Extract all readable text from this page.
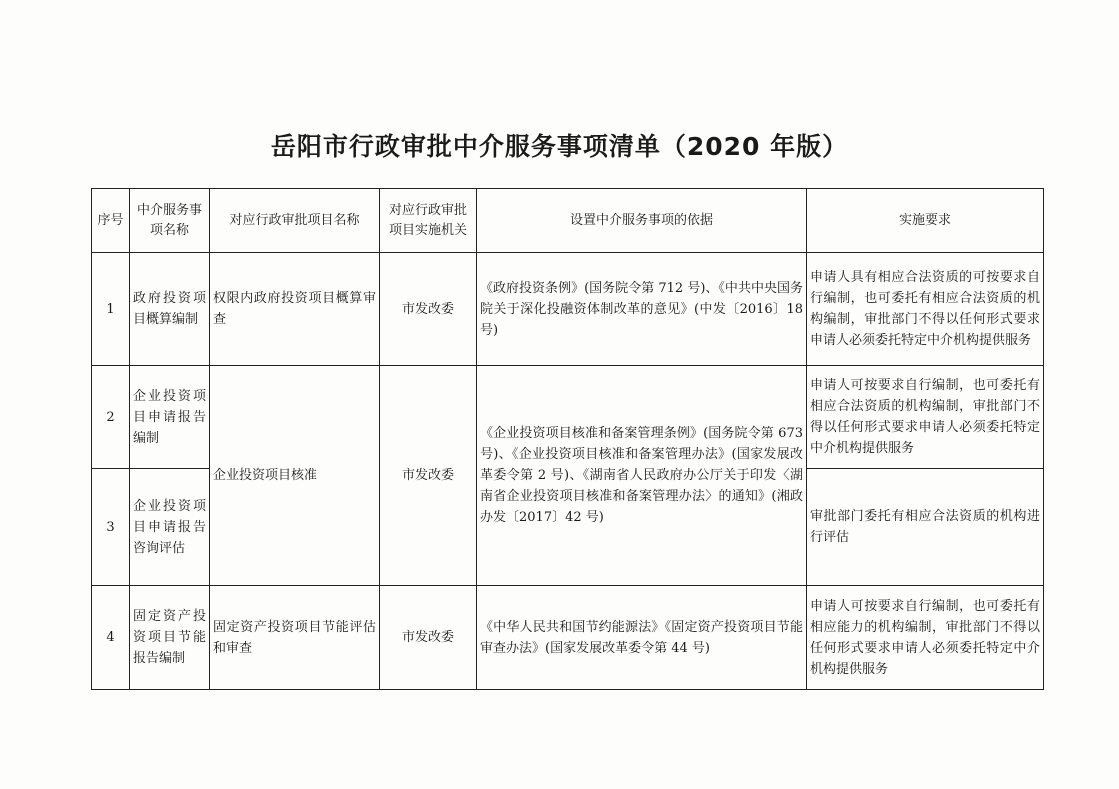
岳阳市行政审批中介服务事项清单（2020 年版）
序号	中介服务事项名称	对应行政审批项目名称	对应行政审批项目实施机关	设置中介服务事项的依据	实施要求
1	政府投资项目概算编制	权限内政府投资项目概算审查	市发改委	《政府投资条例》(国务院令第 712 号)、《中共中央国务院关于深化投融资体制改革的意见》(中发〔2016〕18 号)	申请人具有相应合法资质的可按要求自行编制，也可委托有相应合法资质的机构编制，审批部门不得以任何形式要求申请人必须委托特定中介机构提供服务
2	企业投资项目申请报告编制	企业投资项目核准	市发改委	《企业投资项目核准和备案管理条例》(国务院令第 673 号)、《企业投资项目核准和备案管理办法》(国家发展改革委令第 2 号)、《湖南省人民政府办公厅关于印发〈湖南省企业投资项目核准和备案管理办法〉的通知》(湘政办发〔2017〕42 号)	申请人可按要求自行编制，也可委托有相应合法资质的机构编制，审批部门不得以任何形式要求申请人必须委托特定中介机构提供服务
3	企业投资项目申请报告咨询评估				审批部门委托有相应合法资质的机构进行评估
4	固定资产投资项目节能报告编制	固定资产投资项目节能评估和审查	市发改委	《中华人民共和国节约能源法》《固定资产投资项目节能审查办法》(国家发展改革委令第 44 号)	申请人可按要求自行编制，也可委托有相应能力的机构编制，审批部门不得以任何形式要求申请人必须委托特定中介机构提供服务
